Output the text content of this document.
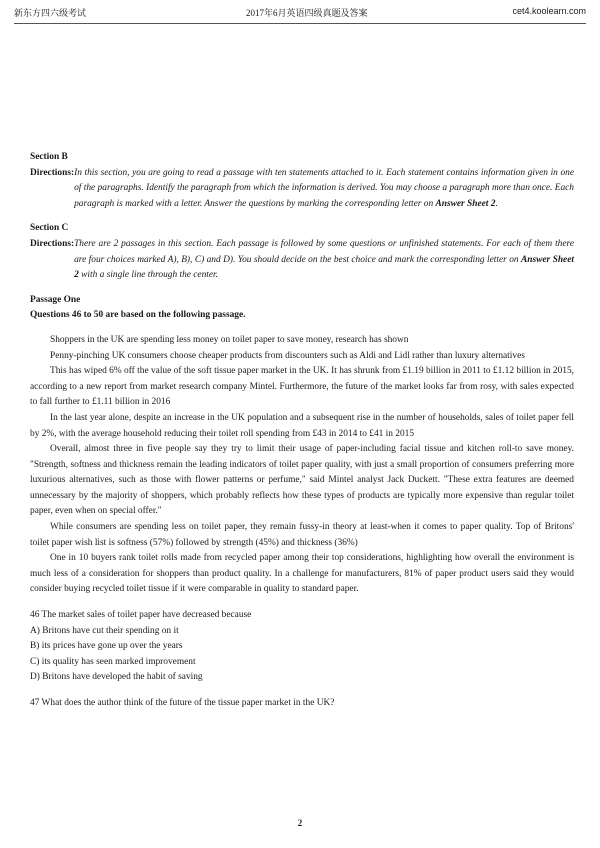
新东方四六级考试	2017年6月英语四级真题及答案	cet4.koolearn.com
Section B
Directions: In this section, you are going to read a passage with ten statements attached to it. Each statement contains information given in one of the paragraphs. Identify the paragraph from which the information is derived. You may choose a paragraph more than once. Each paragraph is marked with a letter. Answer the questions by marking the corresponding letter on Answer Sheet 2.
Section C
Directions: There are 2 passages in this section. Each passage is followed by some questions or unfinished statements. For each of them there are four choices marked A), B), C) and D). You should decide on the best choice and mark the corresponding letter on Answer Sheet 2 with a single line through the center.
Passage One
Questions 46 to 50 are based on the following passage.

Shoppers in the UK are spending less money on toilet paper to save money, research has shown

Penny-pinching UK consumers choose cheaper products from discounters such as Aldi and Lidl rather than luxury alternatives

This has wiped 6% off the value of the soft tissue paper market in the UK. It has shrunk from £1.19 billion in 2011 to £1.12 billion in 2015, according to a new report from market research company Mintel. Furthermore, the future of the market looks far from rosy, with sales expected to fall further to £1.11 billion in 2016

In the last year alone, despite an increase in the UK population and a subsequent rise in the number of households, sales of toilet paper fell by 2%, with the average household reducing their toilet roll spending from £43 in 2014 to £41 in 2015

Overall, almost three in five people say they try to limit their usage of paper-including facial tissue and kitchen roll-to save money. "Strength, softness and thickness remain the leading indicators of toilet paper quality, with just a small proportion of consumers preferring more luxurious alternatives, such as those with flower patterns or perfume," said Mintel analyst Jack Duckett. "These extra features are deemed unnecessary by the majority of shoppers, which probably reflects how these types of products are typically more expensive than regular toilet paper, even when on special offer."

While consumers are spending less on toilet paper, they remain fussy-in theory at least-when it comes to paper quality. Top of Britons' toilet paper wish list is softness (57%) followed by strength (45%) and thickness (36%)

One in 10 buyers rank toilet rolls made from recycled paper among their top considerations, highlighting how overall the environment is much less of a consideration for shoppers than product quality. In a challenge for manufacturers, 81% of paper product users said they would consider buying recycled toilet tissue if it were comparable in quality to standard paper.

46 The market sales of toilet paper have decreased because
A) Britons have cut their spending on it
B) its prices have gone up over the years
C) its quality has seen marked improvement
D) Britons have developed the habit of saving
47 What does the author think of the future of the tissue paper market in the UK?
2
